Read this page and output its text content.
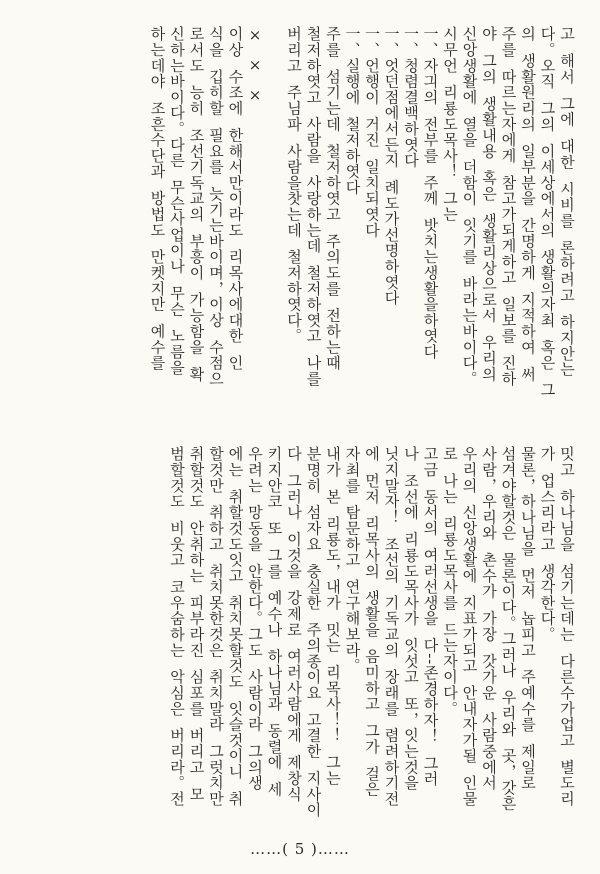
고  해서  그에  대한  시비를  론하려고  하지안는
다。오직  그의  이세상에서의  생활의자최  혹은  그
의  생활원리의  일부분을  간명하게  지적하여  써
주를  따르는자에게  참고가되게하고  일보를  진하
야  그의  생활내용  혹은  생활리상으로서  우리의
신앙생활에  열을  더함이  잇기를  바라는바이다。
시무언  리룡도목사！  그는
一、자긔의  전부를  주께  밧치는생활을하엿다
一、청렴결백하엿다
一、엇던점에서든지  례도가선명하엿다
一、언행이  거진  일치되엿다
一、실행에  철저하엿다
주를  섬기는데  철저하엿고  주의도를  전하는때
철저하엿고  사람을  사랑하는데  철저하엿고  나를
버리고  주님파  사람을찻는데  철저하엿다。

×  ×  ×
이상  수조에  한해서만이라도  리목사에대한  인
식을  깁히할  필요를  늣기는바이며，이상  수점으
로서도  능히  조선기독교의  부흥이  가능함을  확
신하는바이다。다른  무슨사업이나  무슨  노름을
하는데야  조흔수단과  방법도  만켓지만  예수를
밋고  하나님을  섬기는데는  다른수가업고  별도리
가  업스리라고  생각한다。
물론，하나님을  먼저  놉피고  주예수를  제일로
섬겨야할것은  물론이다。그러나  우리와  곳，갓흔
사람，우리와  촌수가  가장  갓가운  사람중에서
우리의  신앙생활에  지표가되고  안내자가될  인물
로  나는  리룡도목사를  드는자이다。
고금  동서의  여러선생을  다--존경하자！  그러
나  조선에  리룡도목사가  잇섯고  또，잇는것을
닛지말자！  조선의  기독교의  장래를  렴려하기전
에  먼저  리목사의  생활을  음미하고  그가  걸은
자최를  탐문하고  연구해보라。
내가  본  리룡도，내가  밋는  리목사！！  그는
분명히  섬자요  충실한  주의종이요  고결한  지사이
다  그러나  이것을  강제로  여러사람에게  제창식
키지안코  또  그를  예수나  하나님과  동렬에  세
우려는  망동을  안한다。그도  사람이라  그의생
에는  취할것도잇고  취치못할것도  잇슬것이니  취
할것만  취하고  취치못한것은  취치말라  그럿치만
취할것도  안취하는  피부라진  심포를  버리고  모
범할것도  비웃고  코우숨하는  악심은  버리라。전
……( 5 )……
